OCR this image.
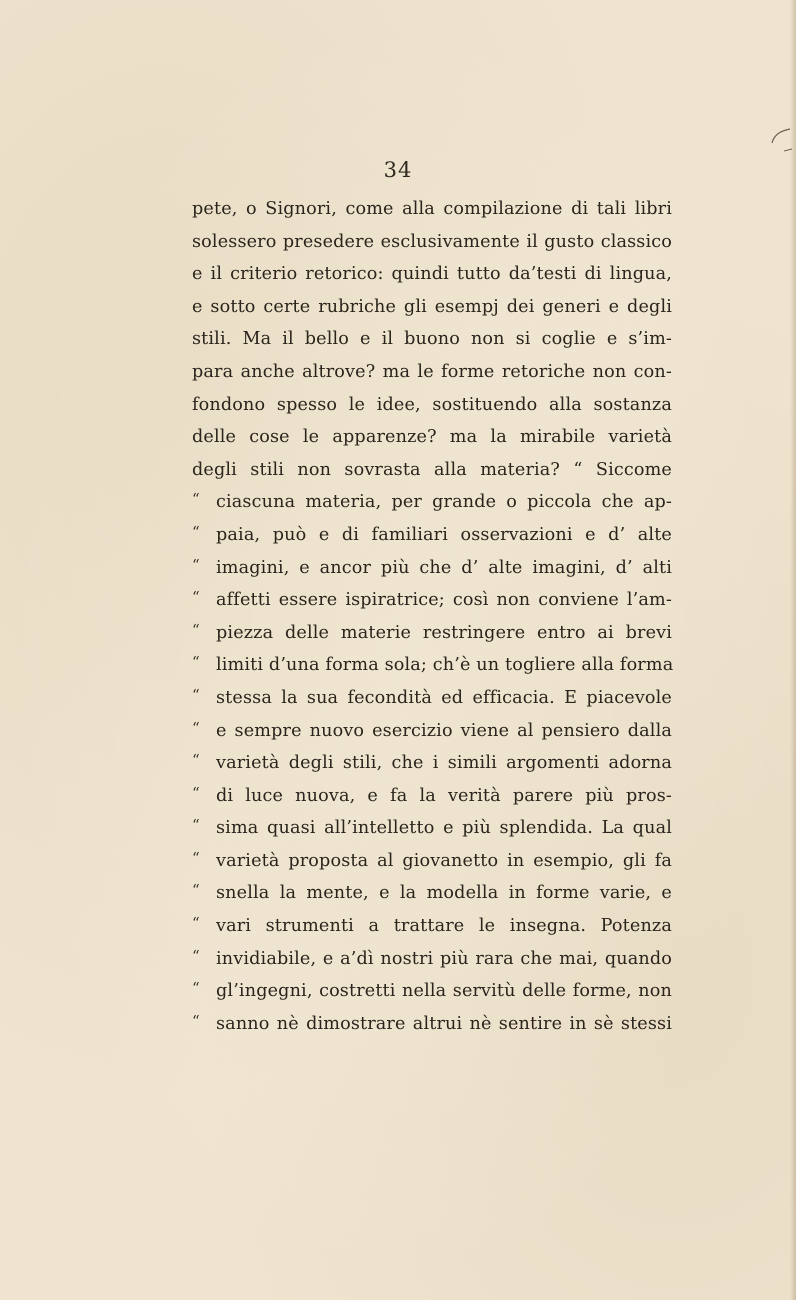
34
pete, o Signori, come alla compilazione di tali libri
solessero presedere esclusivamente il gusto classico
e il criterio retorico: quindi tutto da’testi di lingua,
e sotto certe rubriche gli esempj dei generi e degli
stili. Ma il bello e il buono non si coglie e s’im-
para anche altrove? ma le forme retoriche non con-
fondono spesso le idee, sostituendo alla sostanza
delle cose le apparenze? ma la mirabile varietà
degli stili non sovrasta alla materia? “ Siccome
“ ciascuna materia, per grande o piccola che ap-
“ paia, può e di familiari osservazioni e d’ alte
“ imagini, e ancor più che d’ alte imagini, d’ alti
“ affetti essere ispiratrice; così non conviene l’am-
“ piezza delle materie restringere entro ai brevi
“ limiti d’una forma sola; ch’è un togliere alla forma
“ stessa la sua fecondità ed efficacia. E piacevole
“ e sempre nuovo esercizio viene al pensiero dalla
“ varietà degli stili, che i simili argomenti adorna
“ di luce nuova, e fa la verità parere più pros-
“ sima quasi all’intelletto e più splendida. La qual
“ varietà proposta al giovanetto in esempio, gli fa
“ snella la mente, e la modella in forme varie, e
“ vari strumenti a trattare le insegna. Potenza
“ invidiabile, e a’dì nostri più rara che mai, quando
“ gl’ingegni, costretti nella servitù delle forme, non
“ sanno nè dimostrare altrui nè sentire in sè stessi
